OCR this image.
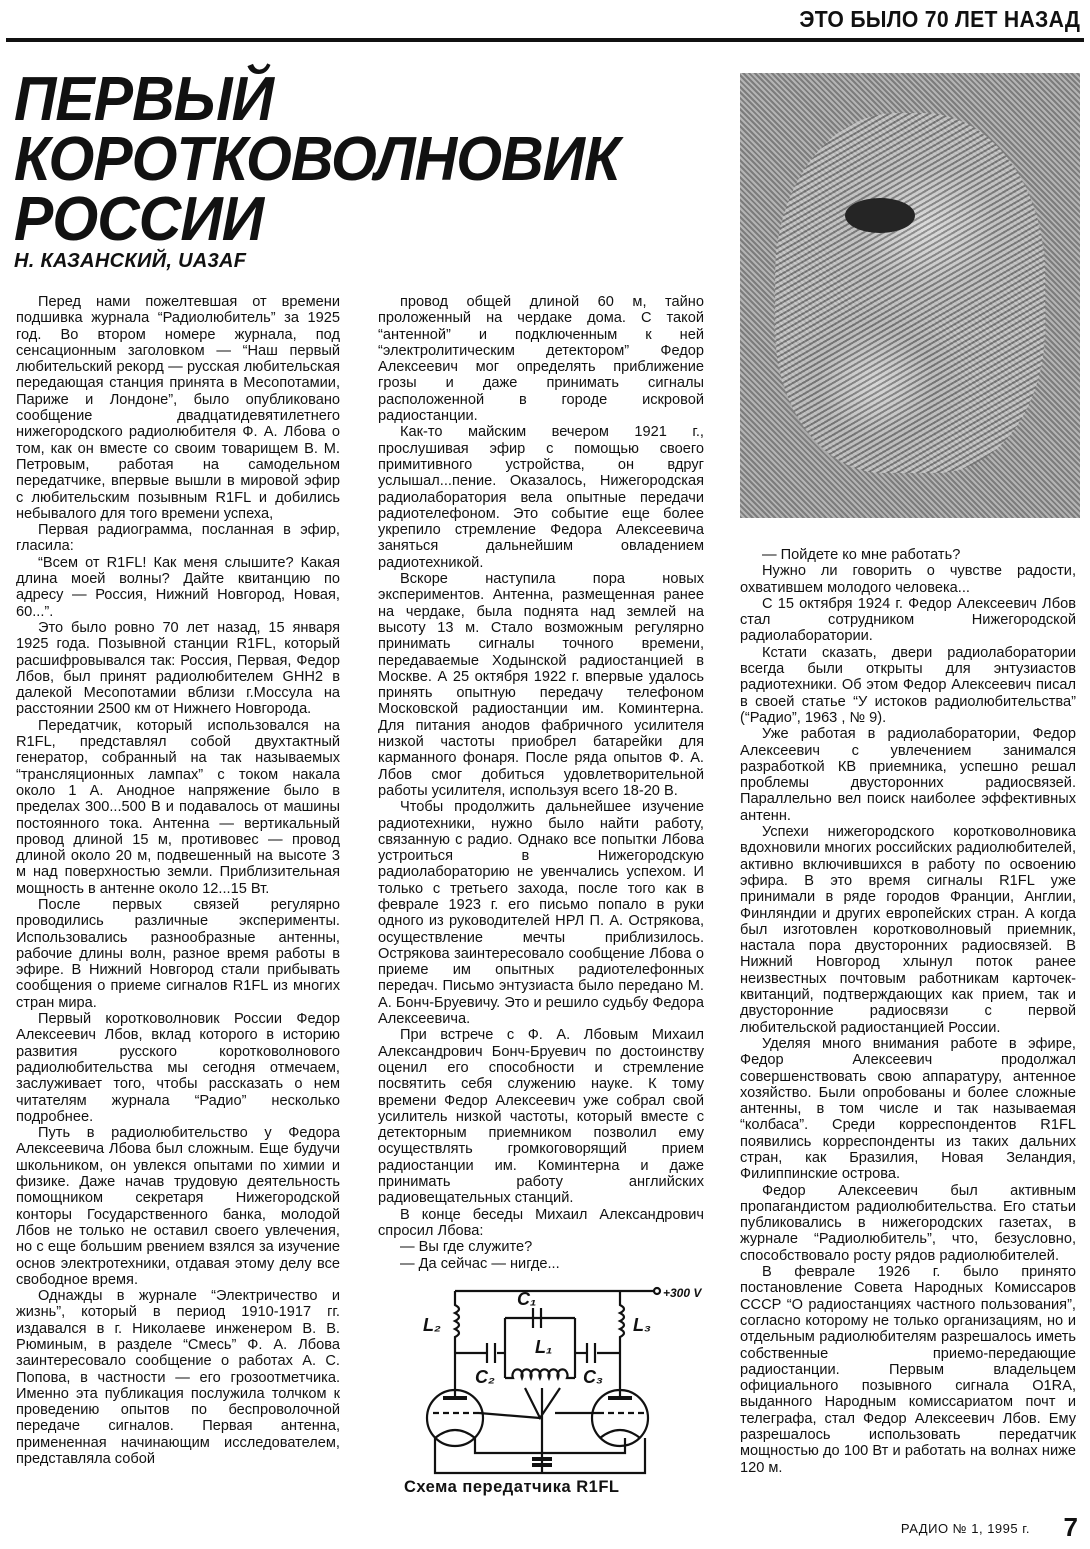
ЭТО БЫЛО 70 ЛЕТ НАЗАД
ПЕРВЫЙ
КОРОТКОВОЛНОВИК
РОССИИ
Н. КАЗАНСКИЙ, UA3AF

Перед нами пожелтевшая от времени подшивка журнала “Радиолюбитель” за 1925 год. Во втором номере журнала, под сенсационным заголовком — “Наш первый любительский рекорд — русская любительская передающая станция принята в Месопотамии, Париже и Лондоне”, было опубликовано сообщение двадцатидевятилетнего нижегородского радиолюбителя Ф. А. Лбова о том, как он вместе со своим товарищем В. М. Петровым, работая на самодельном передатчике, впервые вышли в мировой эфир с любительским позывным R1FL и добились небывалого для того времени успеха,

Первая радиограмма, посланная в эфир, гласила:

“Всем от R1FL! Как меня слышите? Какая длина моей волны? Дайте квитанцию по адресу — Россия, Нижний Новгород, Новая, 60...”.

Это было ровно 70 лет назад, 15 января 1925 года. Позывной станции R1FL, который расшифровывался так: Россия, Первая, Федор Лбов, был принят радиолюбителем GHH2 в далекой Месопотамии вблизи г.Моссула на расстоянии 2500 км от Нижнего Новгорода.

Передатчик, который использовался на R1FL, представлял собой двухтактный генератор, собранный на так называемых “трансляционных лампах” с током накала около 1 А. Анодное напряжение было в пределах 300...500 В и подавалось от машины постоянного тока. Антенна — вертикальный провод длиной 15 м, противовес — провод длиной около 20 м, подвешенный на высоте 3 м над поверхностью земли. Приблизительная мощность в антенне около 12...15 Вт.

После первых связей регулярно проводились различные эксперименты. Использовались разнообразные антенны, рабочие длины волн, разное время работы в эфире. В Нижний Новгород стали прибывать сообщения о приеме сигналов R1FL из многих стран мира.

Первый коротковолновик России Федор Алексеевич Лбов, вклад которого в историю развития русского коротковолнового радиолюбительства мы сегодня отмечаем, заслуживает того, чтобы рассказать о нем читателям журнала “Радио” несколько подробнее.

Путь в радиолюбительство у Федора Алексеевича Лбова был сложным. Еще будучи школьником, он увлекся опытами по химии и физике. Даже начав трудовую деятельность помощником секретаря Нижегородской конторы Государственного банка, молодой Лбов не только не оставил своего увлечения, но с еще большим рвением взялся за изучение основ электротехники, отдавая этому делу все свободное время.

Однажды в журнале “Электричество и жизнь”, который в период 1910-1917 гг. издавался в г. Николаеве инженером В. В. Рюминым, в разделе “Смесь” Ф. А. Лбова заинтересовало сообщение о работах А. С. Попова, в частности — его грозоотметчика. Именно эта публикация послужила толчком к проведению опытов по беспроволочной передаче сигналов. Первая антенна, примененная начинающим исследователем, представляла собой

провод общей длиной 60 м, тайно проложенный на чердаке дома. С такой “антенной” и подключенным к ней “электролитическим детектором” Федор Алексеевич мог определять приближение грозы и даже принимать сигналы расположенной в городе искровой радиостанции.

Как-то майским вечером 1921 г., прослушивая эфир с помощью своего примитивного устройства, он вдруг услышал...пение. Оказалось, Нижегородская радиолаборатория вела опытные передачи радиотелефоном. Это событие еще более укрепило стремление Федора Алексеевича заняться дальнейшим овладением радиотехникой.

Вскоре наступила пора новых экспериментов. Антенна, размещенная ранее на чердаке, была поднята над землей на высоту 13 м. Стало возможным регулярно принимать сигналы точного времени, передаваемые Ходынской радиостанцией в Москве. А 25 октября 1922 г. впервые удалось принять опытную передачу телефоном Московской радиостанции им. Коминтерна. Для питания анодов фабричного усилителя низкой частоты приобрел батарейки для карманного фонаря. После ряда опытов Ф. А. Лбов смог добиться удовлетворительной работы усилителя, используя всего 18-20 В.

Чтобы продолжить дальнейшее изучение радиотехники, нужно было найти работу, связанную с радио. Однако все попытки Лбова устроиться в Нижегородскую радиолабораторию не увенчались успехом. И только с третьего захода, после того как в феврале 1923 г. его письмо попало в руки одного из руководителей НРЛ П. А. Острякова, осуществление мечты приблизилось. Острякова заинтересовало сообщение Лбова о приеме им опытных радиотелефонных передач. Письмо энтузиаста было передано М. А. Бонч-Бруевичу. Это и решило судьбу Федора Алексеевича.

При встрече с Ф. А. Лбовым Михаил Александрович Бонч-Бруевич по достоинству оценил его способности и стремление посвятить себя служению науке. К тому времени Федор Алексеевич уже собрал свой усилитель низкой частоты, который вместе с детекторным приемником позволил ему осуществлять громкоговорящий прием радиостанции им. Коминтерна и даже принимать работу английских радиовещательных станций.

В конце беседы Михаил Александрович спросил Лбова:

— Вы где служите?

— Да сейчас — нигде...

— Пойдете ко мне работать?

Нужно ли говорить о чувстве радости, охватившем молодого человека...

С 15 октября 1924 г. Федор Алексеевич Лбов стал сотрудником Нижегородской радиолаборатории.

Кстати сказать, двери радиолаборатории всегда были открыты для энтузиастов радиотехники. Об этом Федор Алексеевич писал в своей статье “У истоков радиолюбительства” (“Радио”, 1963 , № 9).

Уже работая в радиолаборатории, Федор Алексеевич с увлечением занимался разработкой КВ приемника, успешно решал проблемы двусторонних радиосвязей. Параллельно вел поиск наиболее эффективных антенн.

Успехи нижегородского коротковолновика вдохновили многих российских радиолюбителей, активно включившихся в работу по освоению эфира. В это время сигналы R1FL уже принимали в ряде городов Франции, Англии, Финляндии и других европейских стран. А когда был изготовлен коротковолновый приемник, настала пора двусторонних радиосвязей. В Нижний Новгород хлынул поток ранее неизвестных почтовым работникам карточек-квитанций, подтверждающих как прием, так и двусторонние радиосвязи с первой любительской радиостанцией России.

Уделяя много внимания работе в эфире, Федор Алексеевич продолжал совершенствовать свою аппаратуру, антенное хозяйство. Были опробованы и более сложные антенны, в том числе и так называемая “колбаса”. Среди корреспондентов R1FL появились корреспонденты из таких дальних стран, как Бразилия, Новая Зеландия, Филиппинские острова.

Федор Алексеевич был активным пропагандистом радиолюбительства. Его статьи публиковались в нижегородских газетах, в журнале “Радиолюбитель”, что, безусловно, способствовало росту рядов радиолюбителей.

В феврале 1926 г. было принято постановление Совета Народных Комиссаров СССР “О радиостанциях частного пользования”, согласно которому не только организациям, но и отдельным радиолюбителям разрешалось иметь собственные приемо-передающие радиостанции. Первым владельцем официального позывного сигнала O1RA, выданного Народным комиссариатом почт и телеграфа, стал Федор Алексеевич Лбов. Ему разрешалось использовать передатчик мощностью до 100 Вт и работать на волнах ниже 120 м.

+300 V
L₂	L₃
C₁
L₁
C₂	C₃
Схема передатчика R1FL
РАДИО № 1, 1995 г. 7
